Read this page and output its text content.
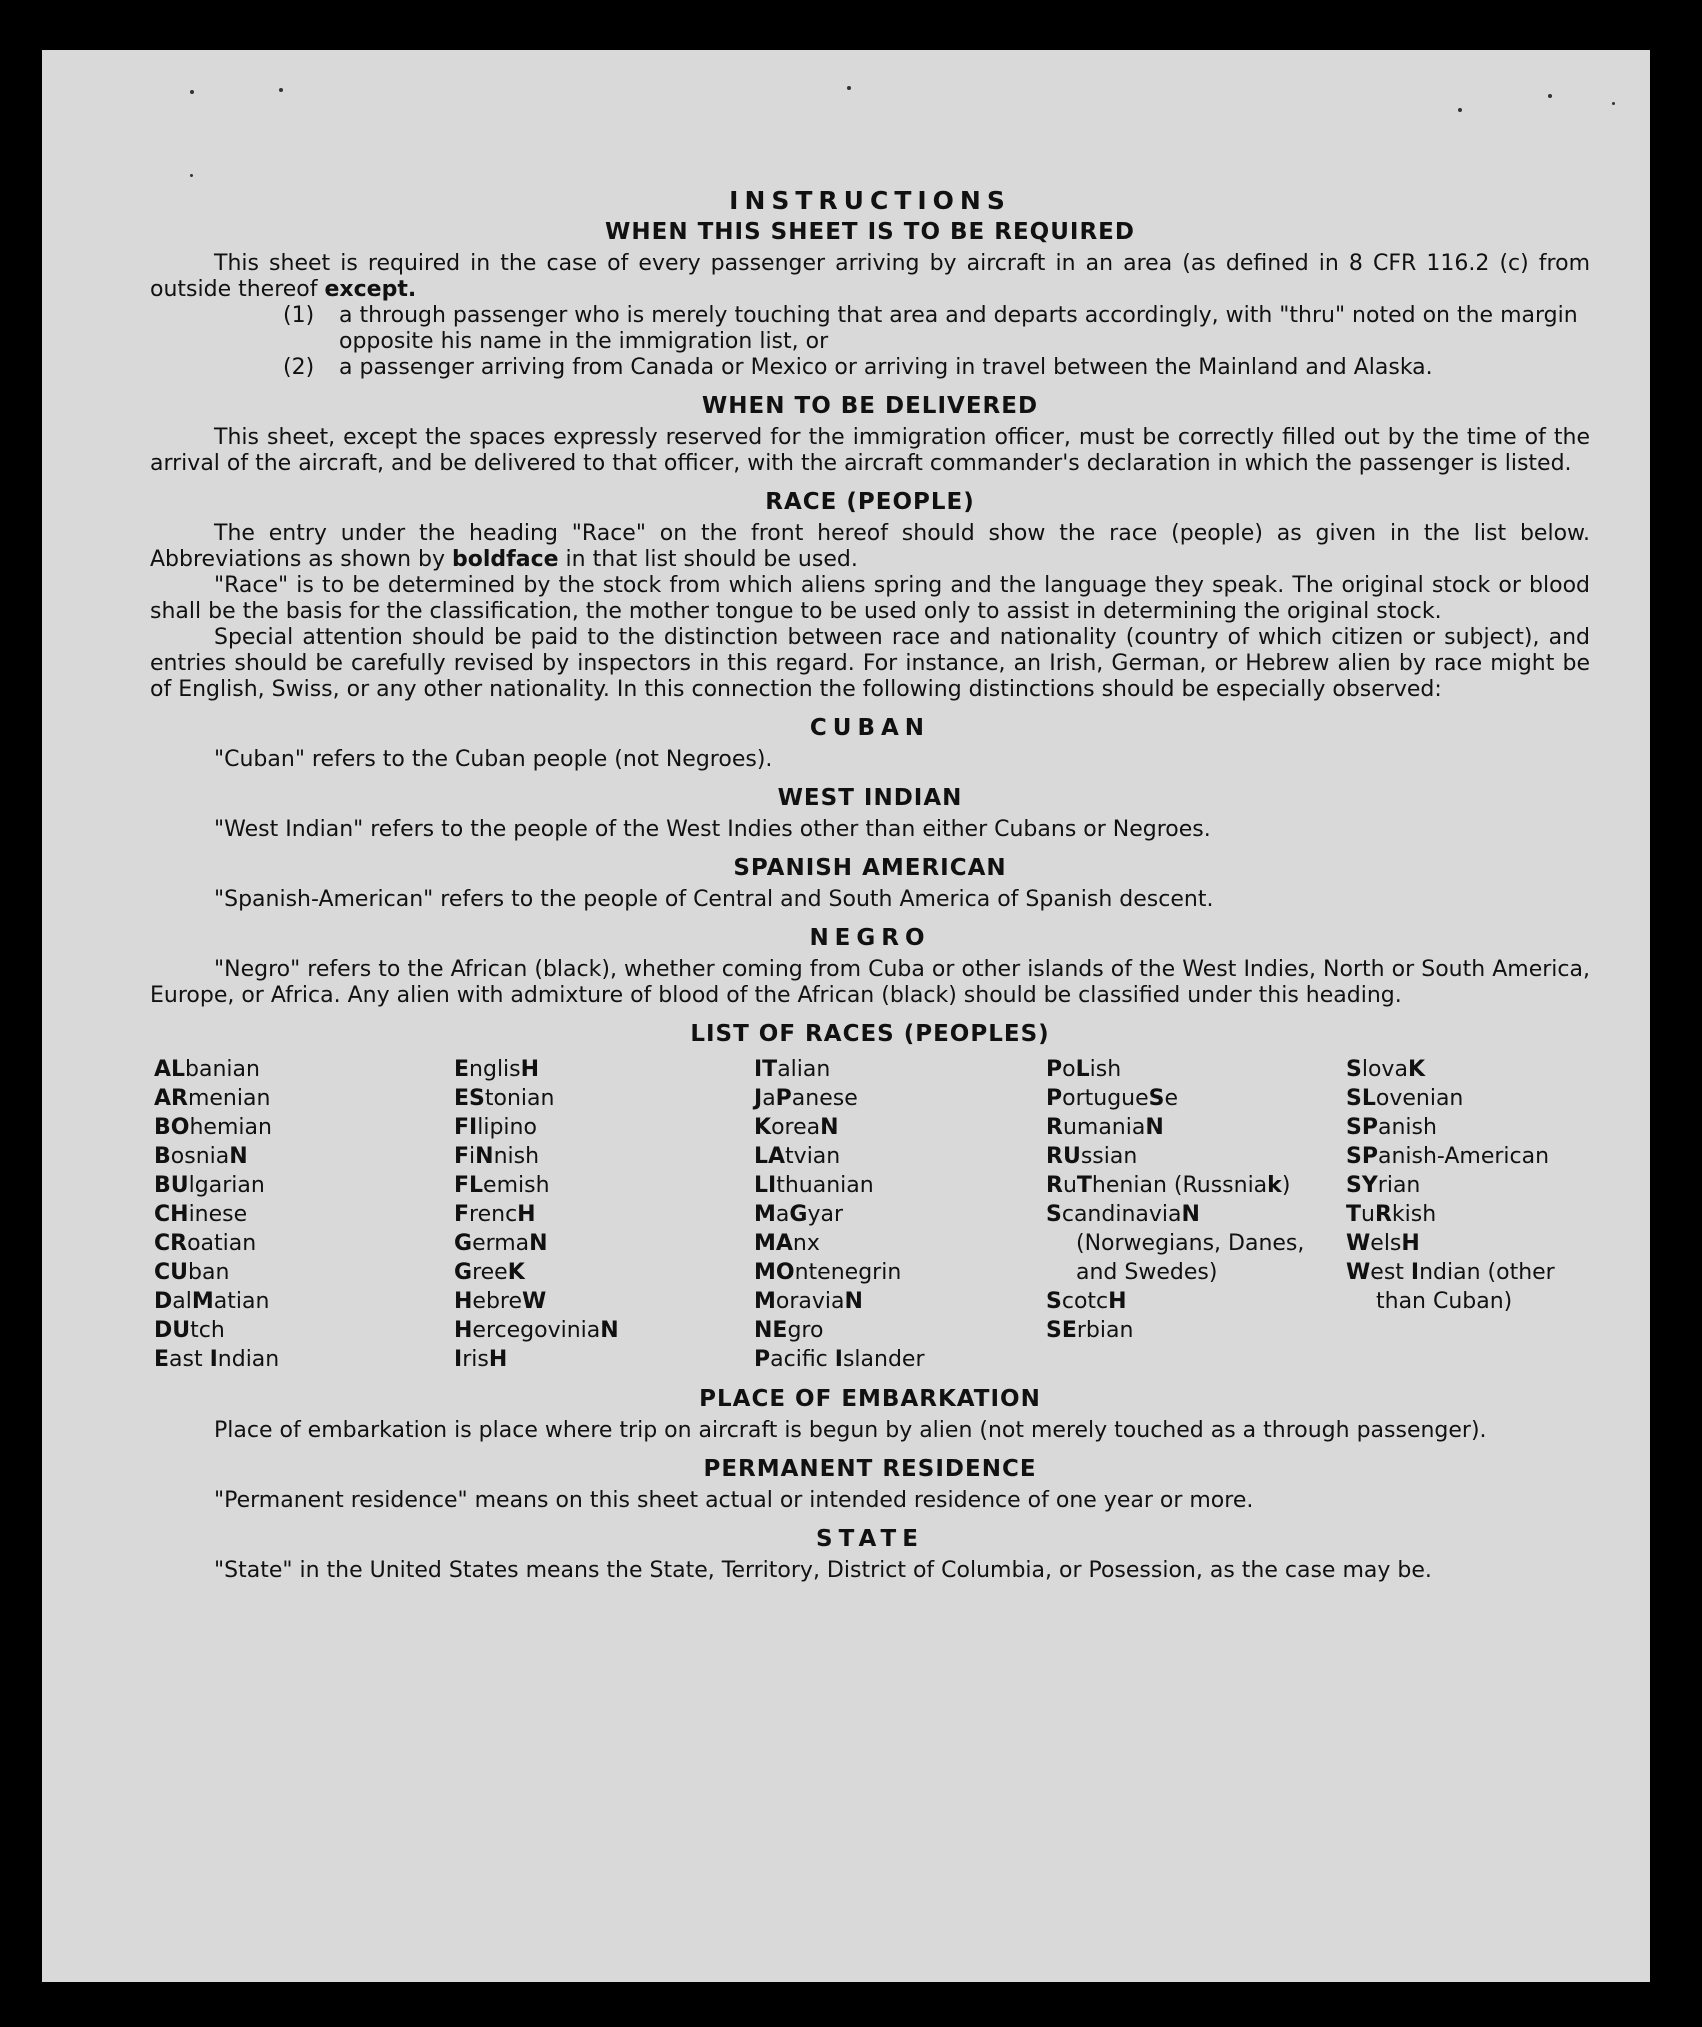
INSTRUCTIONS
WHEN THIS SHEET IS TO BE REQUIRED

This sheet is required in the case of every passenger arriving by aircraft in an area (as defined in 8 CFR 116.2 (c) from outside thereof except.

(1) a through passenger who is merely touching that area and departs accordingly, with "thru" noted on the margin opposite his name in the immigration list, or
(2) a passenger arriving from Canada or Mexico or arriving in travel between the Mainland and Alaska.
WHEN TO BE DELIVERED

This sheet, except the spaces expressly reserved for the immigration officer, must be correctly filled out by the time of the arrival of the aircraft, and be delivered to that officer, with the aircraft commander's declaration in which the passenger is listed.

RACE (PEOPLE)

The entry under the heading "Race" on the front hereof should show the race (people) as given in the list below. Abbreviations as shown by boldface in that list should be used.

"Race" is to be determined by the stock from which aliens spring and the language they speak. The original stock or blood shall be the basis for the classification, the mother tongue to be used only to assist in determining the original stock.

Special attention should be paid to the distinction between race and nationality (country of which citizen or subject), and entries should be carefully revised by inspectors in this regard. For instance, an Irish, German, or Hebrew alien by race might be of English, Swiss, or any other nationality. In this connection the following distinctions should be especially observed:

CUBAN

"Cuban" refers to the Cuban people (not Negroes).

WEST INDIAN

"West Indian" refers to the people of the West Indies other than either Cubans or Negroes.

SPANISH AMERICAN

"Spanish-American" refers to the people of Central and South America of Spanish descent.

NEGRO

"Negro" refers to the African (black), whether coming from Cuba or other islands of the West Indies, North or South America, Europe, or Africa. Any alien with admixture of blood of the African (black) should be classified under this heading.

LIST OF RACES (PEOPLES)
ALbanian
ARmenian
BOhemian
BosniaN
BUlgarian
CHinese
CRoatian
CUban
DalMatian
DUtch
East Indian
EnglisH
EStonian
FIlipino
FiNnish
FLemish
FrencH
GermaN
GreeK
HebreW
HercegoviniaN
IrisH
ITalian
JaPanese
KoreaN
LAtvian
LIthuanian
MaGyar
MAnx
MOntenegrin
MoraviaN
NEgro
Pacific Islander
PoLish
PortugueSe
RumaniaN
RUssian
RuThenian (Russniak)
ScandinaviaN (Norwegians, Danes, and Swedes)
ScotcH
SErbian
SlovaK
SLovenian
SPanish
SPanish-American
SYrian
TuRkish
WelsH
West Indian (other than Cuban)
PLACE OF EMBARKATION

Place of embarkation is place where trip on aircraft is begun by alien (not merely touched as a through passenger).

PERMANENT RESIDENCE

"Permanent residence" means on this sheet actual or intended residence of one year or more.

STATE

"State" in the United States means the State, Territory, District of Columbia, or Posession, as the case may be.
